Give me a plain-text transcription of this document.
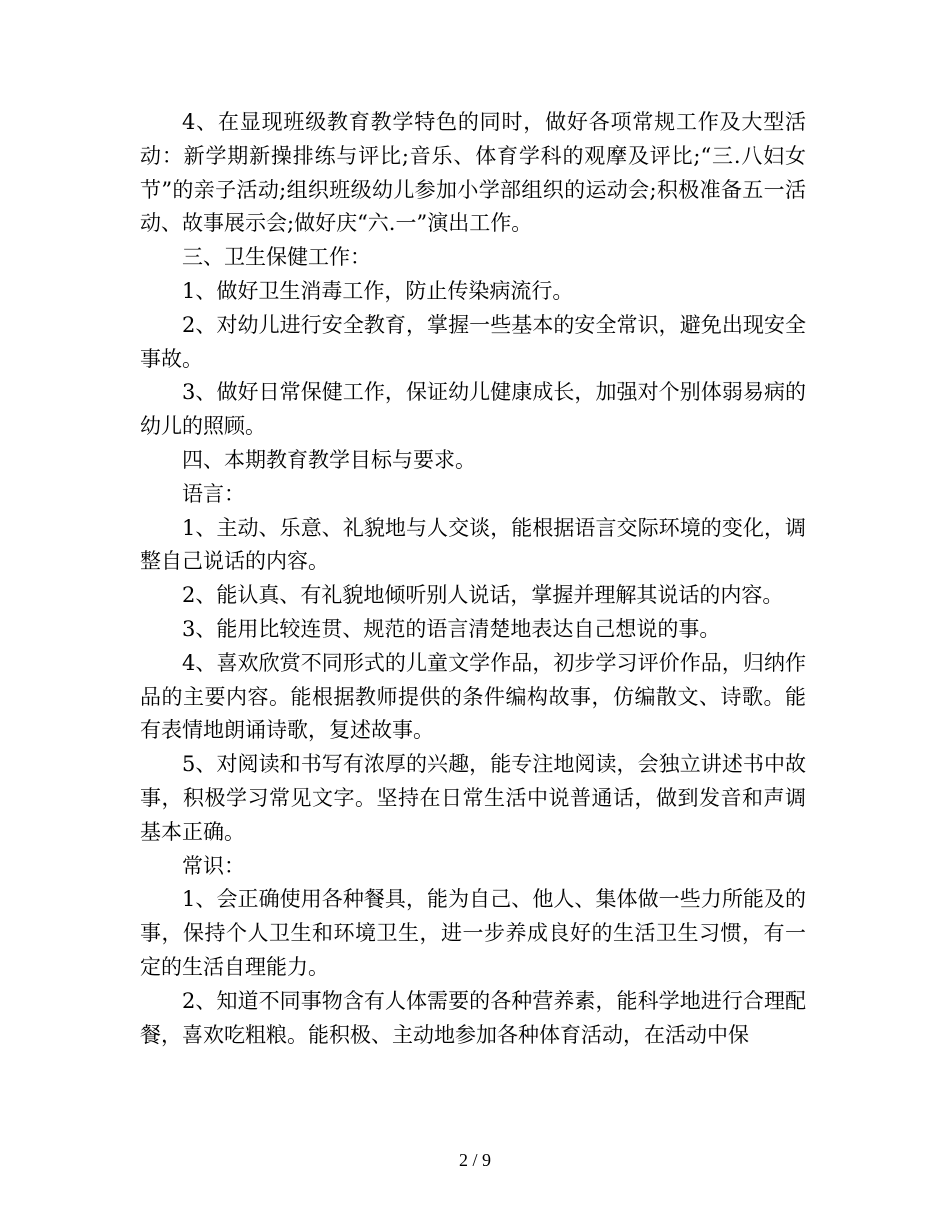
4、在显现班级教育教学特色的同时，做好各项常规工作及大型活动：新学期新操排练与评比;音乐、体育学科的观摩及评比;“三.八妇女节”的亲子活动;组织班级幼儿参加小学部组织的运动会;积极准备五一活动、故事展示会;做好庆“六.一”演出工作。

三、卫生保健工作：

1、做好卫生消毒工作，防止传染病流行。

2、对幼儿进行安全教育，掌握一些基本的安全常识，避免出现安全事故。

3、做好日常保健工作，保证幼儿健康成长，加强对个别体弱易病的幼儿的照顾。

四、本期教育教学目标与要求。

语言：

1、主动、乐意、礼貌地与人交谈，能根据语言交际环境的变化，调整自己说话的内容。

2、能认真、有礼貌地倾听别人说话，掌握并理解其说话的内容。

3、能用比较连贯、规范的语言清楚地表达自己想说的事。

4、喜欢欣赏不同形式的儿童文学作品，初步学习评价作品，归纳作品的主要内容。能根据教师提供的条件编构故事，仿编散文、诗歌。能有表情地朗诵诗歌，复述故事。

5、对阅读和书写有浓厚的兴趣，能专注地阅读，会独立讲述书中故事，积极学习常见文字。坚持在日常生活中说普通话，做到发音和声调基本正确。

常识：

1、会正确使用各种餐具，能为自己、他人、集体做一些力所能及的事，保持个人卫生和环境卫生，进一步养成良好的生活卫生习惯，有一定的生活自理能力。

2、知道不同事物含有人体需要的各种营养素，能科学地进行合理配餐，喜欢吃粗粮。能积极、主动地参加各种体育活动，在活动中保

2 / 9
